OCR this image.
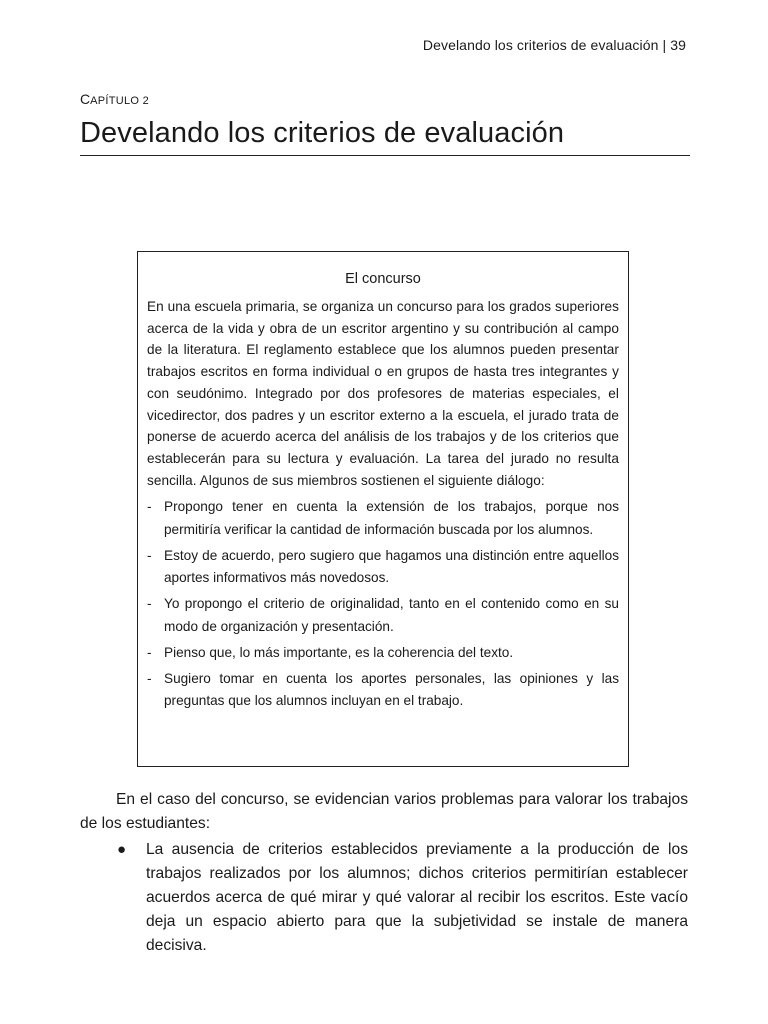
Develando los criterios de evaluación | 39
CAPÍTULO 2
Develando los criterios de evaluación

El concurso

En una escuela primaria, se organiza un concurso para los grados superiores acerca de la vida y obra de un escritor argentino y su contribución al campo de la literatura. El reglamento establece que los alumnos pueden presentar trabajos escritos en forma individual o en grupos de hasta tres integrantes y con seudónimo. Integrado por dos profesores de materias especiales, el vicedirector, dos padres y un escritor externo a la escuela, el jurado trata de ponerse de acuerdo acerca del análisis de los trabajos y de los criterios que establecerán para su lectura y evaluación. La tarea del jurado no resulta sencilla. Algunos de sus miembros sostienen el siguiente diálogo:

- Propongo tener en cuenta la extensión de los trabajos, porque nos permitiría verificar la cantidad de información buscada por los alumnos.
- Estoy de acuerdo, pero sugiero que hagamos una distinción entre aquellos aportes informativos más novedosos.
- Yo propongo el criterio de originalidad, tanto en el contenido como en su modo de organización y presentación.
- Pienso que, lo más importante, es la coherencia del texto.
- Sugiero tomar en cuenta los aportes personales, las opiniones y las preguntas que los alumnos incluyan en el trabajo.

En el caso del concurso, se evidencian varios problemas para valorar los trabajos de los estudiantes:

● La ausencia de criterios establecidos previamente a la producción de los trabajos realizados por los alumnos; dichos criterios permitirían establecer acuerdos acerca de qué mirar y qué valorar al recibir los escritos. Este vacío deja un espacio abierto para que la subjetividad se instale de manera decisiva.
